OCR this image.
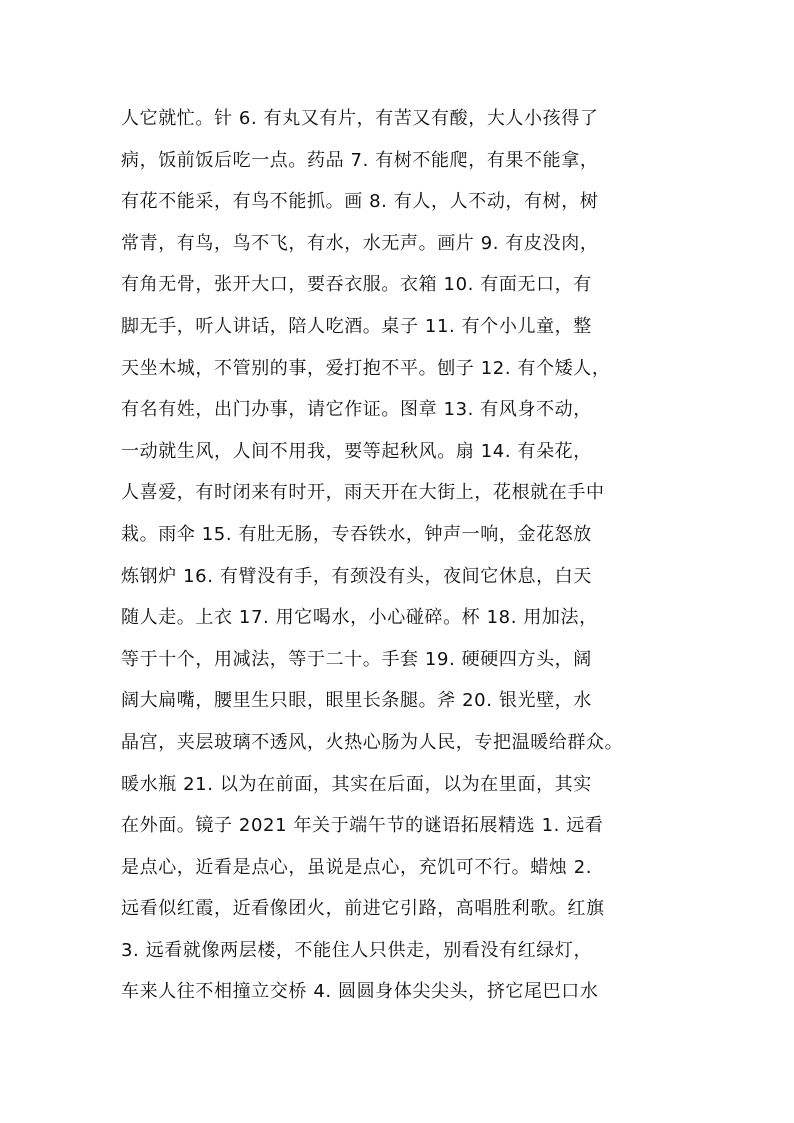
人它就忙。针 6. 有丸又有片，有苦又有酸，大人小孩得了
病，饭前饭后吃一点。药品 7. 有树不能爬，有果不能拿，
有花不能采，有鸟不能抓。画 8. 有人，人不动，有树，树
常青，有鸟，鸟不飞，有水，水无声。画片 9. 有皮没肉，
有角无骨，张开大口，要吞衣服。衣箱 10. 有面无口，有
脚无手，听人讲话，陪人吃酒。桌子 11. 有个小儿童，整
天坐木城，不管别的事，爱打抱不平。刨子 12. 有个矮人，
有名有姓，出门办事，请它作证。图章 13. 有风身不动，
一动就生风，人间不用我，要等起秋风。扇 14. 有朵花，
人喜爱，有时闭来有时开，雨天开在大街上，花根就在手中
栽。雨伞 15. 有肚无肠，专吞铁水，钟声一响，金花怒放
炼钢炉 16. 有臂没有手，有颈没有头，夜间它休息，白天
随人走。上衣 17. 用它喝水，小心碰碎。杯 18. 用加法，
等于十个，用减法，等于二十。手套 19. 硬硬四方头，阔
阔大扁嘴，腰里生只眼，眼里长条腿。斧 20. 银光壁，水
晶宫，夹层玻璃不透风，火热心肠为人民，专把温暖给群众。
暖水瓶 21. 以为在前面，其实在后面，以为在里面，其实
在外面。镜子 2021 年关于端午节的谜语拓展精选 1. 远看
是点心，近看是点心，虽说是点心，充饥可不行。蜡烛 2.
远看似红霞，近看像团火，前进它引路，高唱胜利歌。红旗
3. 远看就像两层楼，不能住人只供走，别看没有红绿灯，
车来人往不相撞立交桥 4. 圆圆身体尖尖头，挤它尾巴口水
